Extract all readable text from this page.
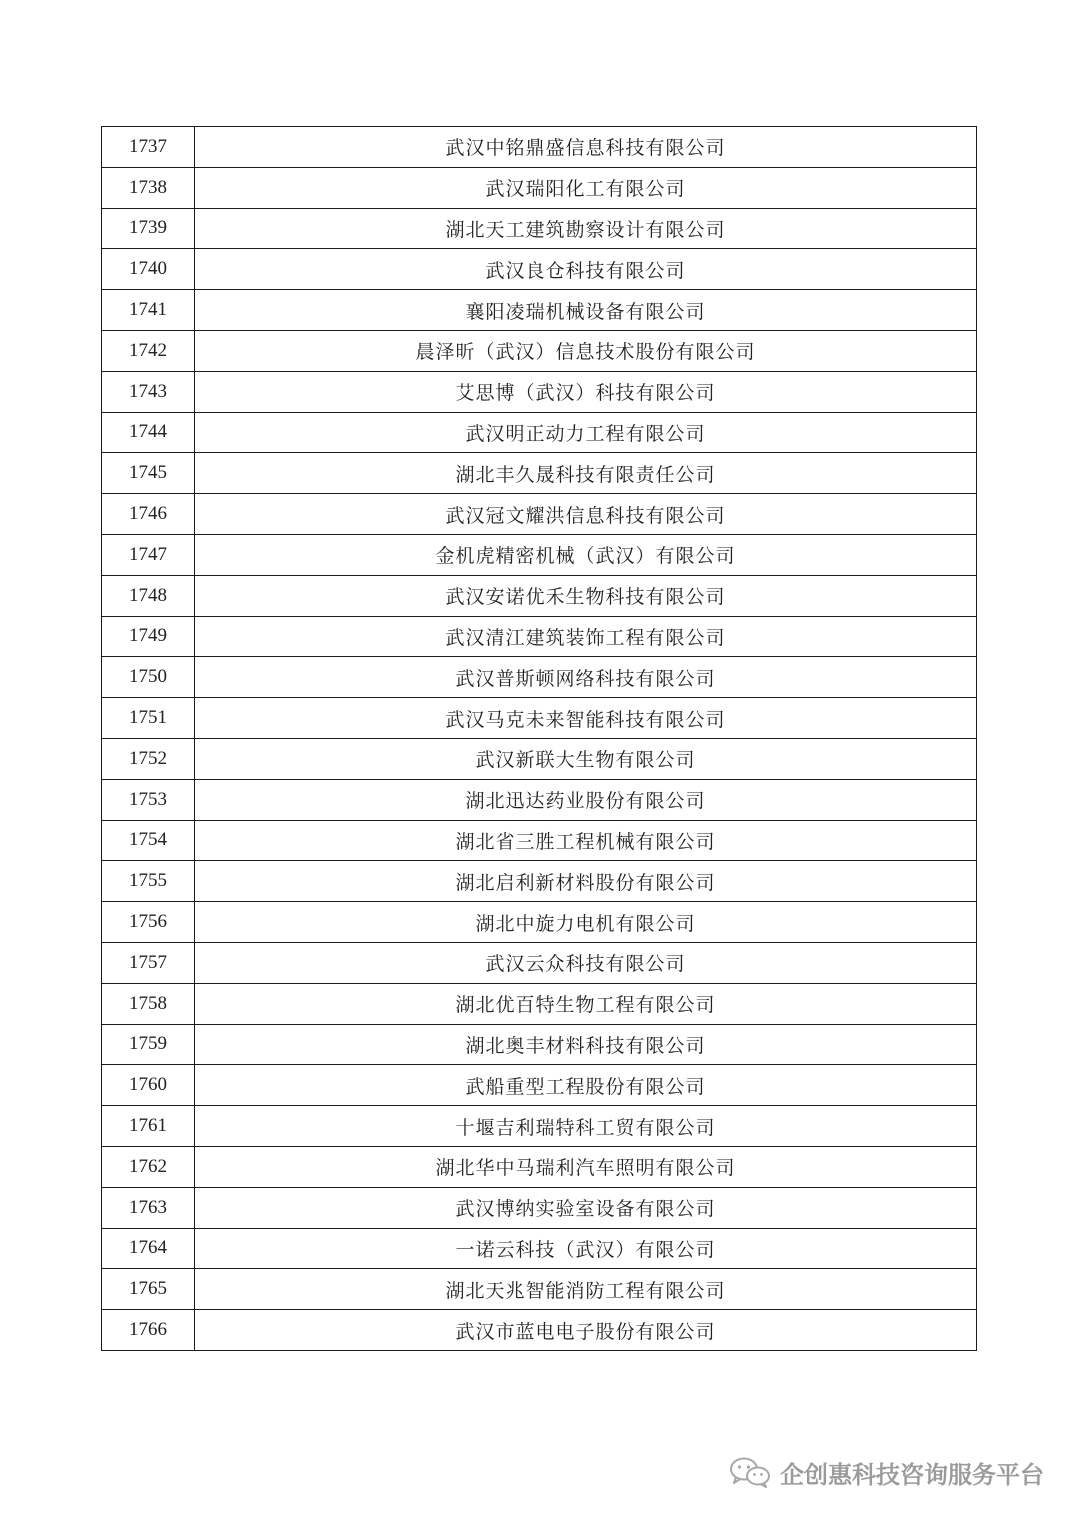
1737	武汉中铭鼎盛信息科技有限公司
1738	武汉瑞阳化工有限公司
1739	湖北天工建筑勘察设计有限公司
1740	武汉良仓科技有限公司
1741	襄阳凌瑞机械设备有限公司
1742	晨泽昕（武汉）信息技术股份有限公司
1743	艾思博（武汉）科技有限公司
1744	武汉明正动力工程有限公司
1745	湖北丰久晟科技有限责任公司
1746	武汉冠文耀洪信息科技有限公司
1747	金机虎精密机械（武汉）有限公司
1748	武汉安诺优禾生物科技有限公司
1749	武汉清江建筑装饰工程有限公司
1750	武汉普斯顿网络科技有限公司
1751	武汉马克未来智能科技有限公司
1752	武汉新联大生物有限公司
1753	湖北迅达药业股份有限公司
1754	湖北省三胜工程机械有限公司
1755	湖北启利新材料股份有限公司
1756	湖北中旋力电机有限公司
1757	武汉云众科技有限公司
1758	湖北优百特生物工程有限公司
1759	湖北奥丰材料科技有限公司
1760	武船重型工程股份有限公司
1761	十堰吉利瑞特科工贸有限公司
1762	湖北华中马瑞利汽车照明有限公司
1763	武汉博纳实验室设备有限公司
1764	一诺云科技（武汉）有限公司
1765	湖北天兆智能消防工程有限公司
1766	武汉市蓝电电子股份有限公司
企创惠科技咨询服务平台
